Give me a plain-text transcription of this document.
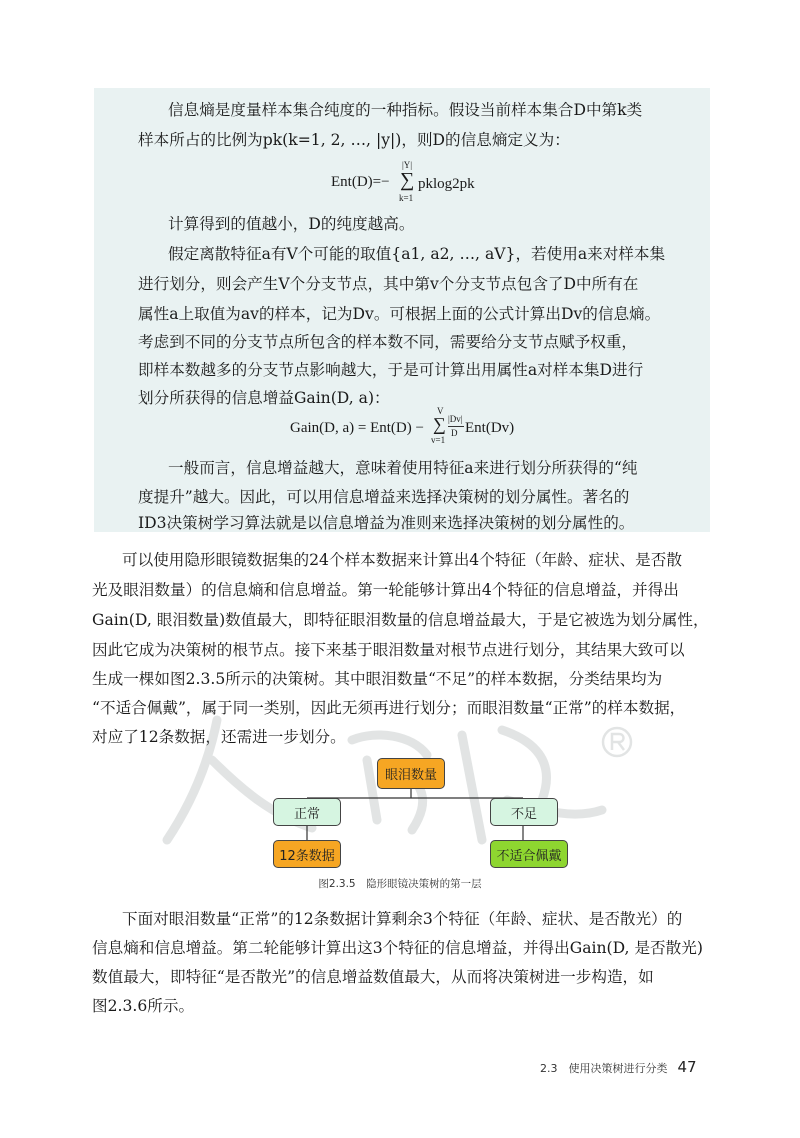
信息熵是度量样本集合纯度的一种指标。假设当前样本集合D中第k类

样本所占的比例为pk(k=1, 2, …, |y|)，则D的信息熵定义为：

Ent(D)=−
|Y|
∑
k=1
pklog2pk

计算得到的值越小，D的纯度越高。

假定离散特征a有V个可能的取值{a1, a2, …, aV}，若使用a来对样本集

进行划分，则会产生V个分支节点，其中第v个分支节点包含了D中所有在

属性a上取值为av的样本，记为Dv。可根据上面的公式计算出Dv的信息熵。

考虑到不同的分支节点所包含的样本数不同，需要给分支节点赋予权重，

即样本数越多的分支节点影响越大，于是可计算出用属性a对样本集D进行

划分所获得的信息增益Gain(D, a)：

Gain(D, a) = Ent(D) −
V
∑
v=1
|Dv|
D Ent(Dv)

一般而言，信息增益越大，意味着使用特征a来进行划分所获得的“纯

度提升”越大。因此，可以用信息增益来选择决策树的划分属性。著名的

ID3决策树学习算法就是以信息增益为准则来选择决策树的划分属性的。

可以使用隐形眼镜数据集的24个样本数据来计算出4个特征（年龄、症状、是否散

光及眼泪数量）的信息熵和信息增益。第一轮能够计算出4个特征的信息增益，并得出

Gain(D, 眼泪数量)数值最大，即特征眼泪数量的信息增益最大，于是它被选为划分属性，

因此它成为决策树的根节点。接下来基于眼泪数量对根节点进行划分，其结果大致可以

生成一棵如图2.3.5所示的决策树。其中眼泪数量“不足”的样本数据，分类结果均为

“不适合佩戴”，属于同一类别，因此无须再进行划分；而眼泪数量“正常”的样本数据，

对应了12条数据，还需进一步划分。

眼泪数量
正常	不足
12条数据	不适合佩戴
图2.3.5　隐形眼镜决策树的第一层

下面对眼泪数量“正常”的12条数据计算剩余3个特征（年龄、症状、是否散光）的

信息熵和信息增益。第二轮能够计算出这3个特征的信息增益，并得出Gain(D, 是否散光)

数值最大，即特征“是否散光”的信息增益数值最大，从而将决策树进一步构造，如

图2.3.6所示。

2.3　使用决策树进行分类 47
